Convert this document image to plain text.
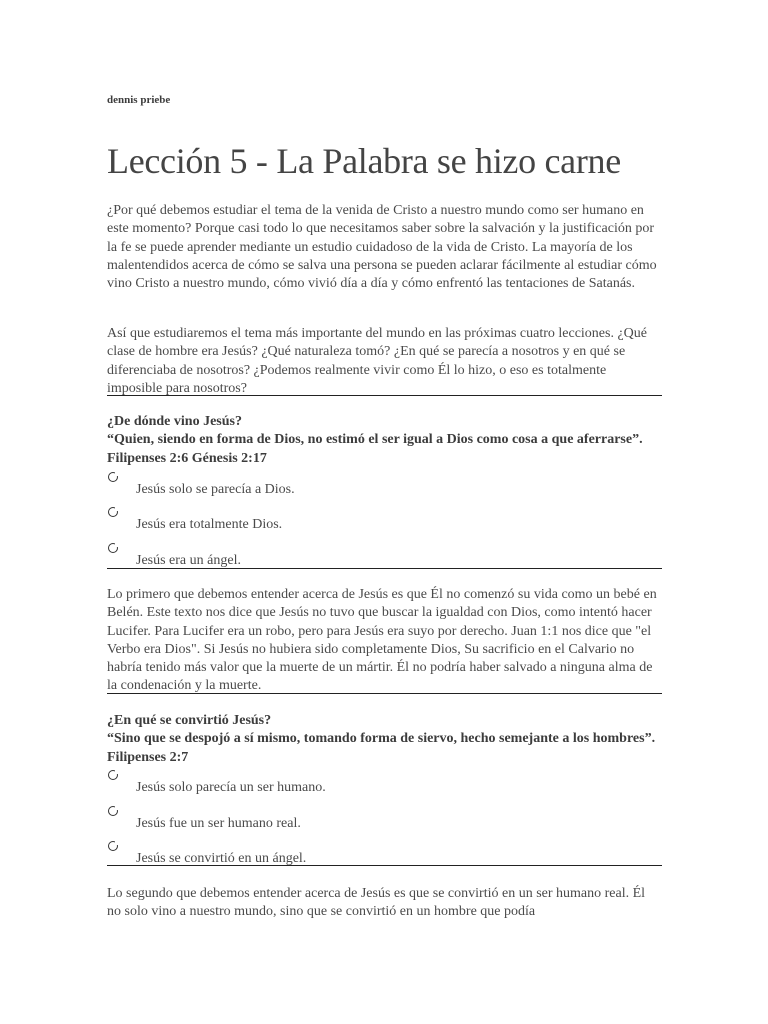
dennis priebe
Lección 5 - La Palabra se hizo carne

¿Por qué debemos estudiar el tema de la venida de Cristo a nuestro mundo como ser humano en este momento? Porque casi todo lo que necesitamos saber sobre la salvación y la justificación por la fe se puede aprender mediante un estudio cuidadoso de la vida de Cristo. La mayoría de los malentendidos acerca de cómo se salva una persona se pueden aclarar fácilmente al estudiar cómo vino Cristo a nuestro mundo, cómo vivió día a día y cómo enfrentó las tentaciones de Satanás.

Así que estudiaremos el tema más importante del mundo en las próximas cuatro lecciones. ¿Qué clase de hombre era Jesús? ¿Qué naturaleza tomó? ¿En qué se parecía a nosotros y en qué se diferenciaba de nosotros? ¿Podemos realmente vivir como Él lo hizo, o eso es totalmente imposible para nosotros?

¿De dónde vino Jesús?
“Quien, siendo en forma de Dios, no estimó el ser igual a Dios como cosa a que aferrarse”. Filipenses 2:6 Génesis 2:17
Jesús solo se parecía a Dios.
Jesús era totalmente Dios.
Jesús era un ángel.

Lo primero que debemos entender acerca de Jesús es que Él no comenzó su vida como un bebé en Belén. Este texto nos dice que Jesús no tuvo que buscar la igualdad con Dios, como intentó hacer Lucifer. Para Lucifer era un robo, pero para Jesús era suyo por derecho. Juan 1:1 nos dice que "el Verbo era Dios". Si Jesús no hubiera sido completamente Dios, Su sacrificio en el Calvario no habría tenido más valor que la muerte de un mártir. Él no podría haber salvado a ninguna alma de la condenación y la muerte.

¿En qué se convirtió Jesús?
“Sino que se despojó a sí mismo, tomando forma de siervo, hecho semejante a los hombres”. Filipenses 2:7
Jesús solo parecía un ser humano.
Jesús fue un ser humano real.
Jesús se convirtió en un ángel.

Lo segundo que debemos entender acerca de Jesús es que se convirtió en un ser humano real. Él no solo vino a nuestro mundo, sino que se convirtió en un hombre que podía
